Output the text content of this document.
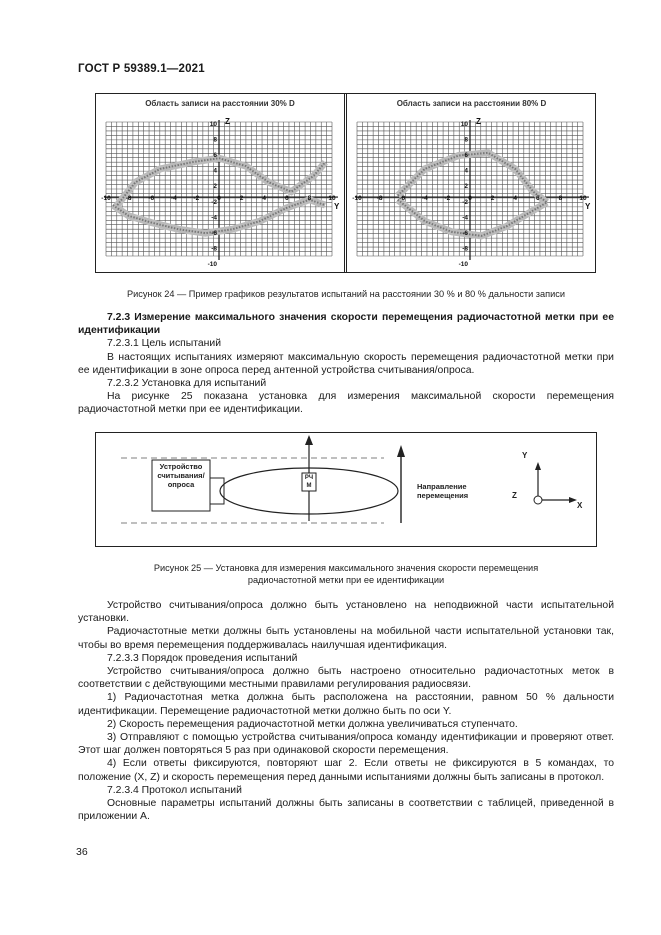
ГОСТ Р 59389.1—2021
Область записи на расстоянии 30% D
-10 -8	-6	-4	-2	0	2	4	6	8	10
10
8
6
4
2
-2
-4
-6
-8
-10
Z
Y
Область записи на расстоянии 80% D
-10 -8	-6	-4	-2	0	2	4	6	8	10
10
8
6
4
2
-2
-4
-6
-8
-10
Z
Y
Рисунок 24 — Пример графиков результатов испытаний на расстоянии 30 % и 80 % дальности записи

7.2.3 Измерение максимального значения скорости перемещения радиочастотной метки при ее идентификации

7.2.3.1 Цель испытаний

В настоящих испытаниях измеряют максимальную скорость перемещения радиочастотной метки при ее идентификации в зоне опроса перед антенной устройства считывания/опроса.

7.2.3.2 Установка для испытаний

На рисунке 25 показана установка для измерения максимальной скорости перемещения радиочастотной метки при ее идентификации.

Устройство считывания/ опроса
РЧ М	Направление перемещения
Y
Z
X
Рисунок 25 — Установка для измерения максимального значения скорости перемещения
радиочастотной метки при ее идентификации

Устройство считывания/опроса должно быть установлено на неподвижной части испытательной установки.

Радиочастотные метки должны быть установлены на мобильной части испытательной установки так, чтобы во время перемещения поддерживалась наилучшая идентификация.

7.2.3.3 Порядок проведения испытаний

Устройство считывания/опроса должно быть настроено относительно радиочастотных меток в соответствии с действующими местными правилами регулирования радиосвязи.

1) Радиочастотная метка должна быть расположена на расстоянии, равном 50 % дальности идентификации. Перемещение радиочастотной метки должно быть по оси Y.

2) Скорость перемещения радиочастотной метки должна увеличиваться ступенчато.

3) Отправляют с помощью устройства считывания/опроса команду идентификации и проверяют ответ. Этот шаг должен повторяться 5 раз при одинаковой скорости перемещения.

4) Если ответы фиксируются, повторяют шаг 2. Если ответы не фиксируются в 5 командах, то положение (X, Z) и скорость перемещения перед данными испытаниями должны быть записаны в протокол.

7.2.3.4 Протокол испытаний

Основные параметры испытаний должны быть записаны в соответствии с таблицей, приведенной в приложении А.

36
